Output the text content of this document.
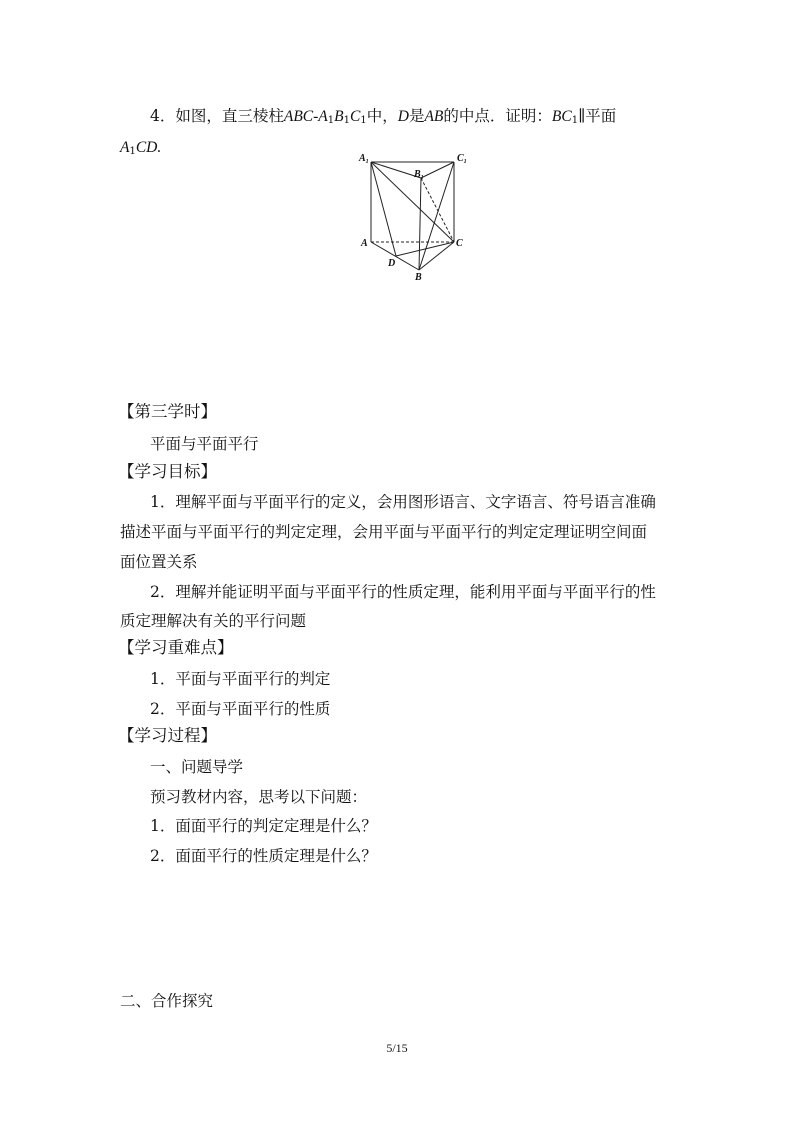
4．如图，直三棱柱ABC-$A_1B_1C_1$中，D是AB的中点．证明：$BC_1\parallel$平面
$A_1CD$.
$A_1$
$B_1$
$C_1$
A	C
D
B
【第三学时】
平面与平面平行
【学习目标】
1．理解平面与平面平行的定义，会用图形语言、文字语言、符号语言准确
描述平面与平面平行的判定定理，会用平面与平面平行的判定定理证明空间面
面位置关系
2．理解并能证明平面与平面平行的性质定理，能利用平面与平面平行的性
质定理解决有关的平行问题
【学习重难点】
1．平面与平面平行的判定
2．平面与平面平行的性质
【学习过程】
一、问题导学
预习教材内容，思考以下问题：
1．面面平行的判定定理是什么？
2．面面平行的性质定理是什么？
二、合作探究
5/15
